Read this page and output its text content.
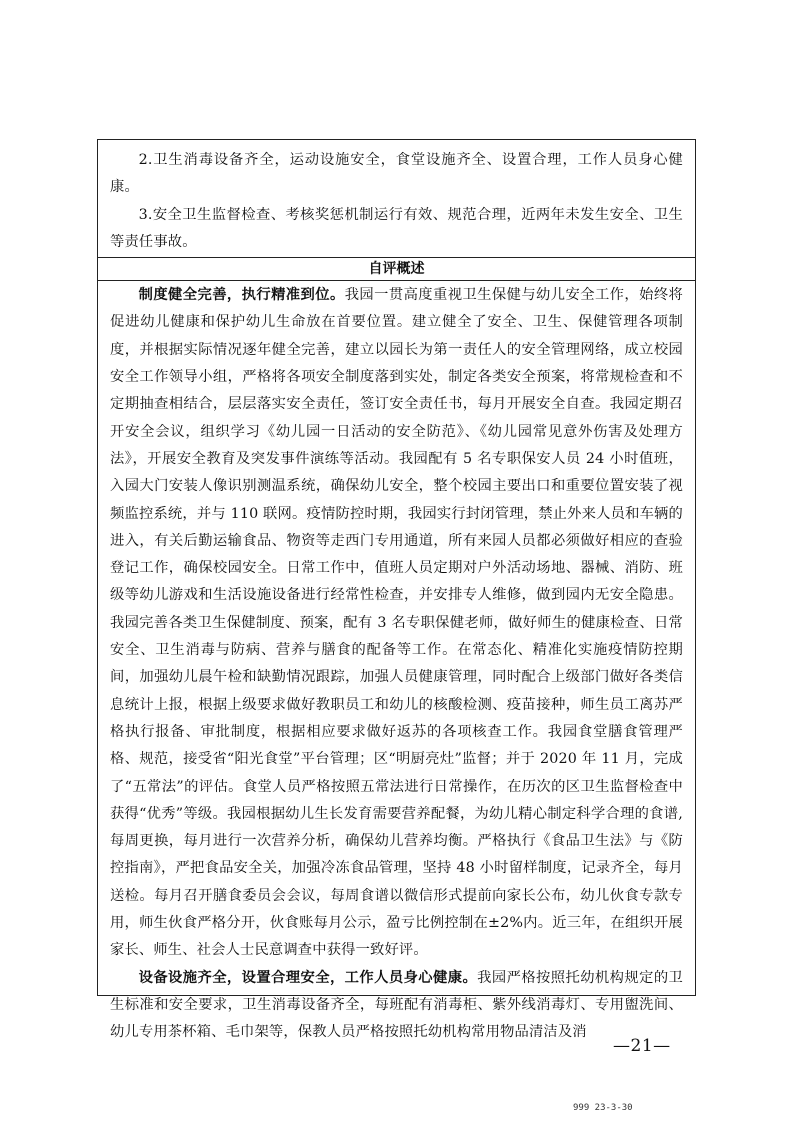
2.卫生消毒设备齐全，运动设施安全，食堂设施齐全、设置合理，工作人员身心健康。

3.安全卫生监督检查、考核奖惩机制运行有效、规范合理，近两年未发生安全、卫生等责任事故。

自评概述

制度健全完善，执行精准到位。我园一贯高度重视卫生保健与幼儿安全工作，始终将促进幼儿健康和保护幼儿生命放在首要位置。建立健全了安全、卫生、保健管理各项制度，并根据实际情况逐年健全完善，建立以园长为第一责任人的安全管理网络，成立校园安全工作领导小组，严格将各项安全制度落到实处，制定各类安全预案，将常规检查和不定期抽查相结合，层层落实安全责任，签订安全责任书，每月开展安全自查。我园定期召开安全会议，组织学习《幼儿园一日活动的安全防范》、《幼儿园常见意外伤害及处理方法》，开展安全教育及突发事件演练等活动。我园配有 5 名专职保安人员 24 小时值班，入园大门安装人像识别测温系统，确保幼儿安全，整个校园主要出口和重要位置安装了视频监控系统，并与 110 联网。疫情防控时期，我园实行封闭管理，禁止外来人员和车辆的进入，有关后勤运输食品、物资等走西门专用通道，所有来园人员都必须做好相应的查验登记工作，确保校园安全。日常工作中，值班人员定期对户外活动场地、器械、消防、班级等幼儿游戏和生活设施设备进行经常性检查，并安排专人维修，做到园内无安全隐患。我园完善各类卫生保健制度、预案，配有 3 名专职保健老师，做好师生的健康检查、日常安全、卫生消毒与防病、营养与膳食的配备等工作。在常态化、精准化实施疫情防控期间，加强幼儿晨午检和缺勤情况跟踪，加强人员健康管理，同时配合上级部门做好各类信息统计上报，根据上级要求做好教职员工和幼儿的核酸检测、疫苗接种，师生员工离苏严格执行报备、审批制度，根据相应要求做好返苏的各项核查工作。我园食堂膳食管理严格、规范，接受省“阳光食堂”平台管理；区“明厨亮灶”监督；并于 2020 年 11 月，完成了“五常法”的评估。食堂人员严格按照五常法进行日常操作，在历次的区卫生监督检查中获得“优秀”等级。我园根据幼儿生长发育需要营养配餐，为幼儿精心制定科学合理的食谱,每周更换，每月进行一次营养分析，确保幼儿营养均衡。严格执行《食品卫生法》与《防控指南》，严把食品安全关，加强冷冻食品管理，坚持 48 小时留样制度，记录齐全，每月送检。每月召开膳食委员会会议，每周食谱以微信形式提前向家长公布，幼儿伙食专款专用，师生伙食严格分开，伙食账每月公示，盈亏比例控制在±2%内。近三年，在组织开展家长、师生、社会人士民意调查中获得一致好评。

设备设施齐全，设置合理安全，工作人员身心健康。我园严格按照托幼机构规定的卫生标准和安全要求，卫生消毒设备齐全，每班配有消毒柜、紫外线消毒灯、专用盥洗间、幼儿专用茶杯箱、毛巾架等，保教人员严格按照托幼机构常用物品清洁及消

—21—
999 23-3-30
